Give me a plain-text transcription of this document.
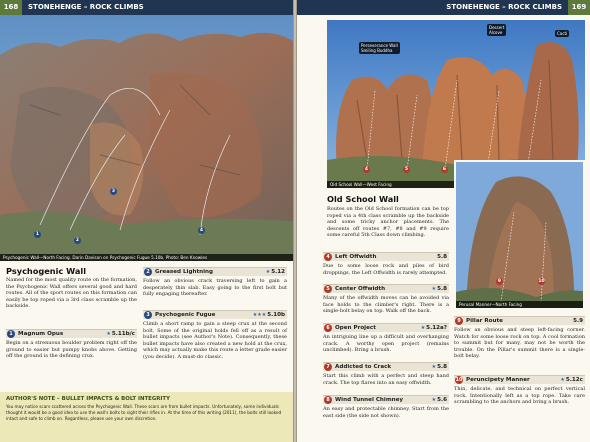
168	STONEHENGE – ROCK CLIMBS
1
2
3
4
Psychogenic Wall—North Facing. Darin Davison on Psychogenic Fugue 5.10b. Photo: Ben Knowles
Psychogenic Wall
Named for the most quality route on the formation, the Psychogenic Wall offers several good and hard routes. All of the sport routes on this formation can easily be top roped via a 3rd class scramble up the backside.
1 Magnum Opus	★5.11b/c
Begin on a strenuous boulder problem right off the ground to easier but pumpy knobs above. Getting off the ground is the defining crux.
2 Greased Lightning	★5.12
Follow an obvious crack traversing left to gain a desperately thin slab. Easy going to the first bolt but fully engaging thereafter.
3 Psychogenic Fugue	★★★5.10b
Climb a short ramp to gain a steep crux at the second bolt. Some of the original holds fell off as a result of bullet impacts (see Author's Note). Consequently, these bullet impacts have also created a new hold at the crux, which may actually make this route a letter grade easier (you decide). A must-do classic.
AUTHOR'S NOTE – BULLET IMPACTS & BOLT INTEGRITY
You may notice scars scattered across the Psychogenic Wall. These scars are from bullet impacts. Unfortunately, some individuals thought it would be a good idea to use the wall's bolts to sight their rifles in. At the time of this writing (2011), the bolts still looked intact and safe to climb on. Regardless, please use your own discretion.
STONEHENGE – ROCK CLIMBS	169
Perseverance Wall
Smiling Buddha
Dessert
Alcove	Cacti
4	5	6
Old School Wall—West Facing
Old School Wall
Routes on the Old School formation can be top roped via a 4th class scramble up the backside and some tricky anchor placements. The descents off routes #7, #8 and #9 require some careful 5th Class down climbing.
9	10
Perusal Manner—North Facing
4 Left Offwidth	5.8
Due to some loose rock and piles of bird droppings, the Left Offwidth is rarely attempted.
5 Center Offwidth	★5.8
Many of the offwidth moves can be avoided via face holds to the climber's right. There is a single-bolt belay on top. Walk off the back.
6 Open Project	★5.12a?
An intriguing line up a difficult and overhanging crack. A worthy open project (remains unclimbed). Bring a brush.
7 Addicted to Crack	★5.8
Start this climb with a perfect and steep hand crack. The top flares into an easy offwidth.
8 Wind Tunnel Chimney	★5.6
An easy and protectable chimney. Start from the east side (the side not shown).
9 Pillar Route	5.9
Follow an obvious and steep left-facing corner. Watch for some loose rock on top. A cool formation to summit but for many, may not be worth the trouble. On the Pillar's summit there is a single-bolt belay.
10 Peruncipety Manner	★5.12c
Thin, delicate, and technical on perfect vertical rock. Intentionally left as a top rope. Take care scrambling to the anchors and bring a brush.
